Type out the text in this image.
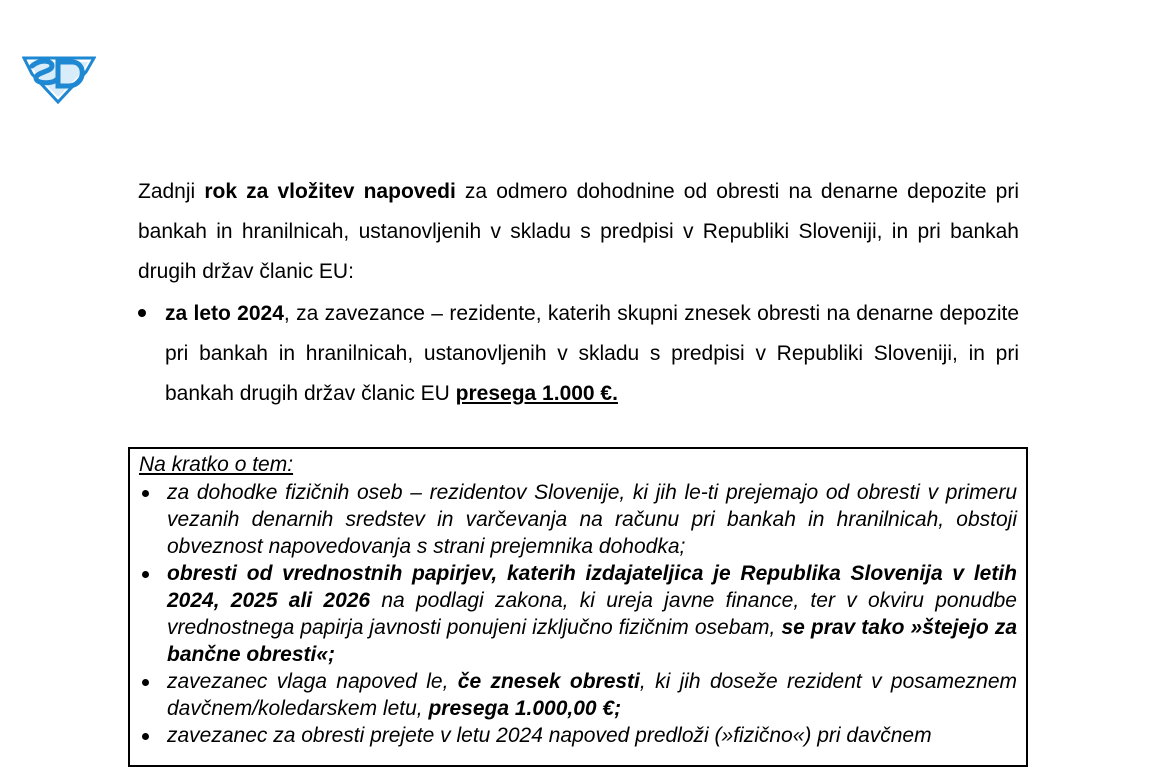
Zadnji rok za vložitev napovedi za odmero dohodnine od obresti na denarne depozite pri bankah in hranilnicah, ustanovljenih v skladu s predpisi v Republiki Sloveniji, in pri bankah drugih držav članic EU:

za leto 2024, za zavezance – rezidente, katerih skupni znesek obresti na denarne depozite pri bankah in hranilnicah, ustanovljenih v skladu s predpisi v Republiki Sloveniji, in pri bankah drugih držav članic EU presega 1.000 €.
Na kratko o tem:
za dohodke fizičnih oseb – rezidentov Slovenije, ki jih le-ti prejemajo od obresti v primeru vezanih denarnih sredstev in varčevanja na računu pri bankah in hranilnicah, obstoji obveznost napovedovanja s strani prejemnika dohodka;
obresti od vrednostnih papirjev, katerih izdajateljica je Republika Slovenija v letih 2024, 2025 ali 2026 na podlagi zakona, ki ureja javne finance, ter v okviru ponudbe vrednostnega papirja javnosti ponujeni izključno fizičnim osebam, se prav tako »štejejo za bančne obresti«;
zavezanec vlaga napoved le, če znesek obresti, ki jih doseže rezident v posameznem davčnem/koledarskem letu, presega 1.000,00 €;
zavezanec za obresti prejete v letu 2024 napoved predloži (»fizično«) pri davčnem
